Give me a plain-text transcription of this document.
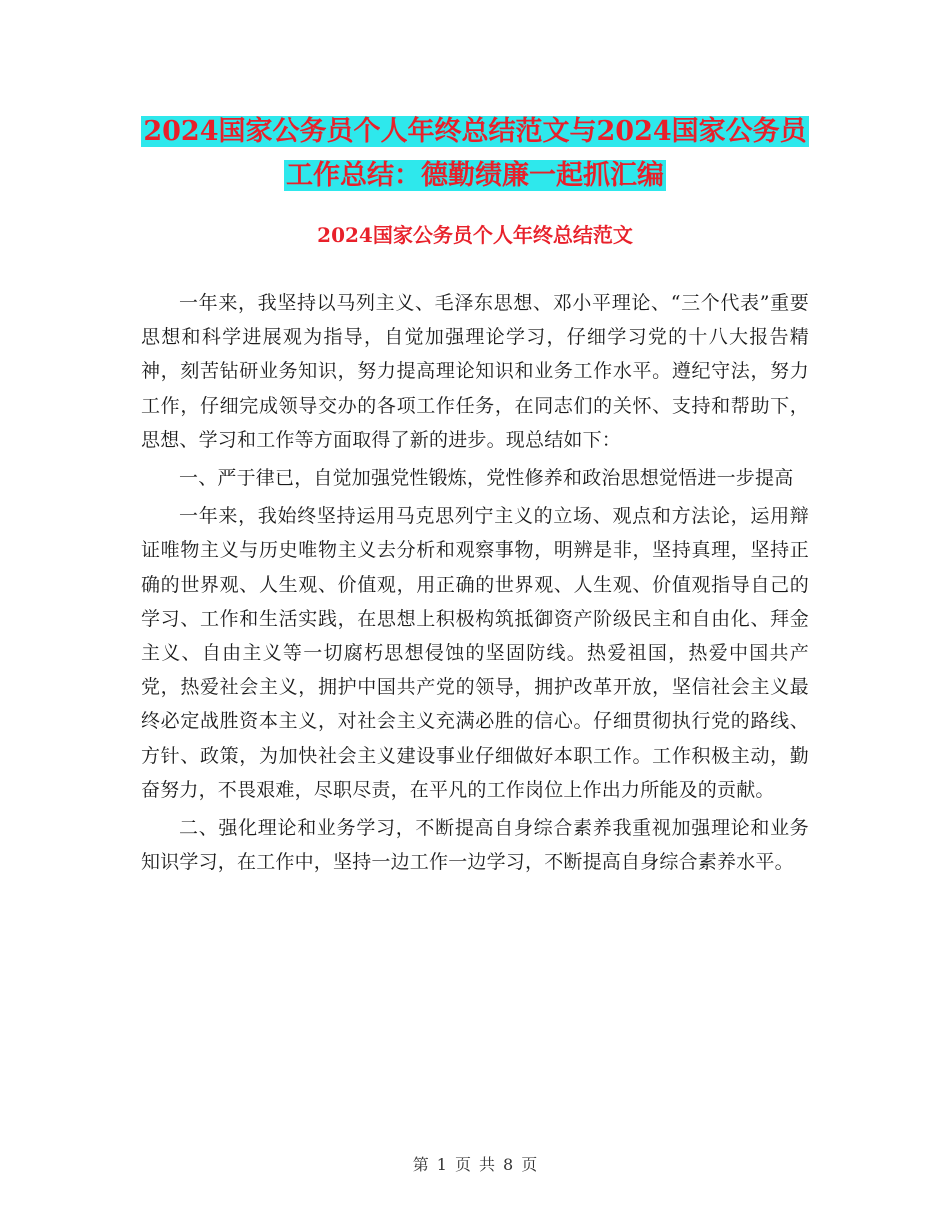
2024国家公务员个人年终总结范文与2024国家公务员
工作总结：德勤绩廉一起抓汇编
2024国家公务员个人年终总结范文

一年来，我坚持以马列主义、毛泽东思想、邓小平理论、“三个代表”重要思想和科学进展观为指导，自觉加强理论学习，仔细学习党的十八大报告精神，刻苦钻研业务知识，努力提高理论知识和业务工作水平。遵纪守法，努力工作，仔细完成领导交办的各项工作任务，在同志们的关怀、支持和帮助下，思想、学习和工作等方面取得了新的进步。现总结如下：

一、严于律已，自觉加强党性锻炼，党性修养和政治思想觉悟进一步提高

一年来，我始终坚持运用马克思列宁主义的立场、观点和方法论，运用辩证唯物主义与历史唯物主义去分析和观察事物，明辨是非，坚持真理，坚持正确的世界观、人生观、价值观，用正确的世界观、人生观、价值观指导自己的学习、工作和生活实践，在思想上积极构筑抵御资产阶级民主和自由化、拜金主义、自由主义等一切腐朽思想侵蚀的坚固防线。热爱祖国，热爱中国共产党，热爱社会主义，拥护中国共产党的领导，拥护改革开放，坚信社会主义最终必定战胜资本主义，对社会主义充满必胜的信心。仔细贯彻执行党的路线、方针、政策，为加快社会主义建设事业仔细做好本职工作。工作积极主动，勤奋努力，不畏艰难，尽职尽责，在平凡的工作岗位上作出力所能及的贡献。

二、强化理论和业务学习，不断提高自身综合素养我重视加强理论和业务知识学习，在工作中，坚持一边工作一边学习，不断提高自身综合素养水平。

第 1 页 共 8 页
